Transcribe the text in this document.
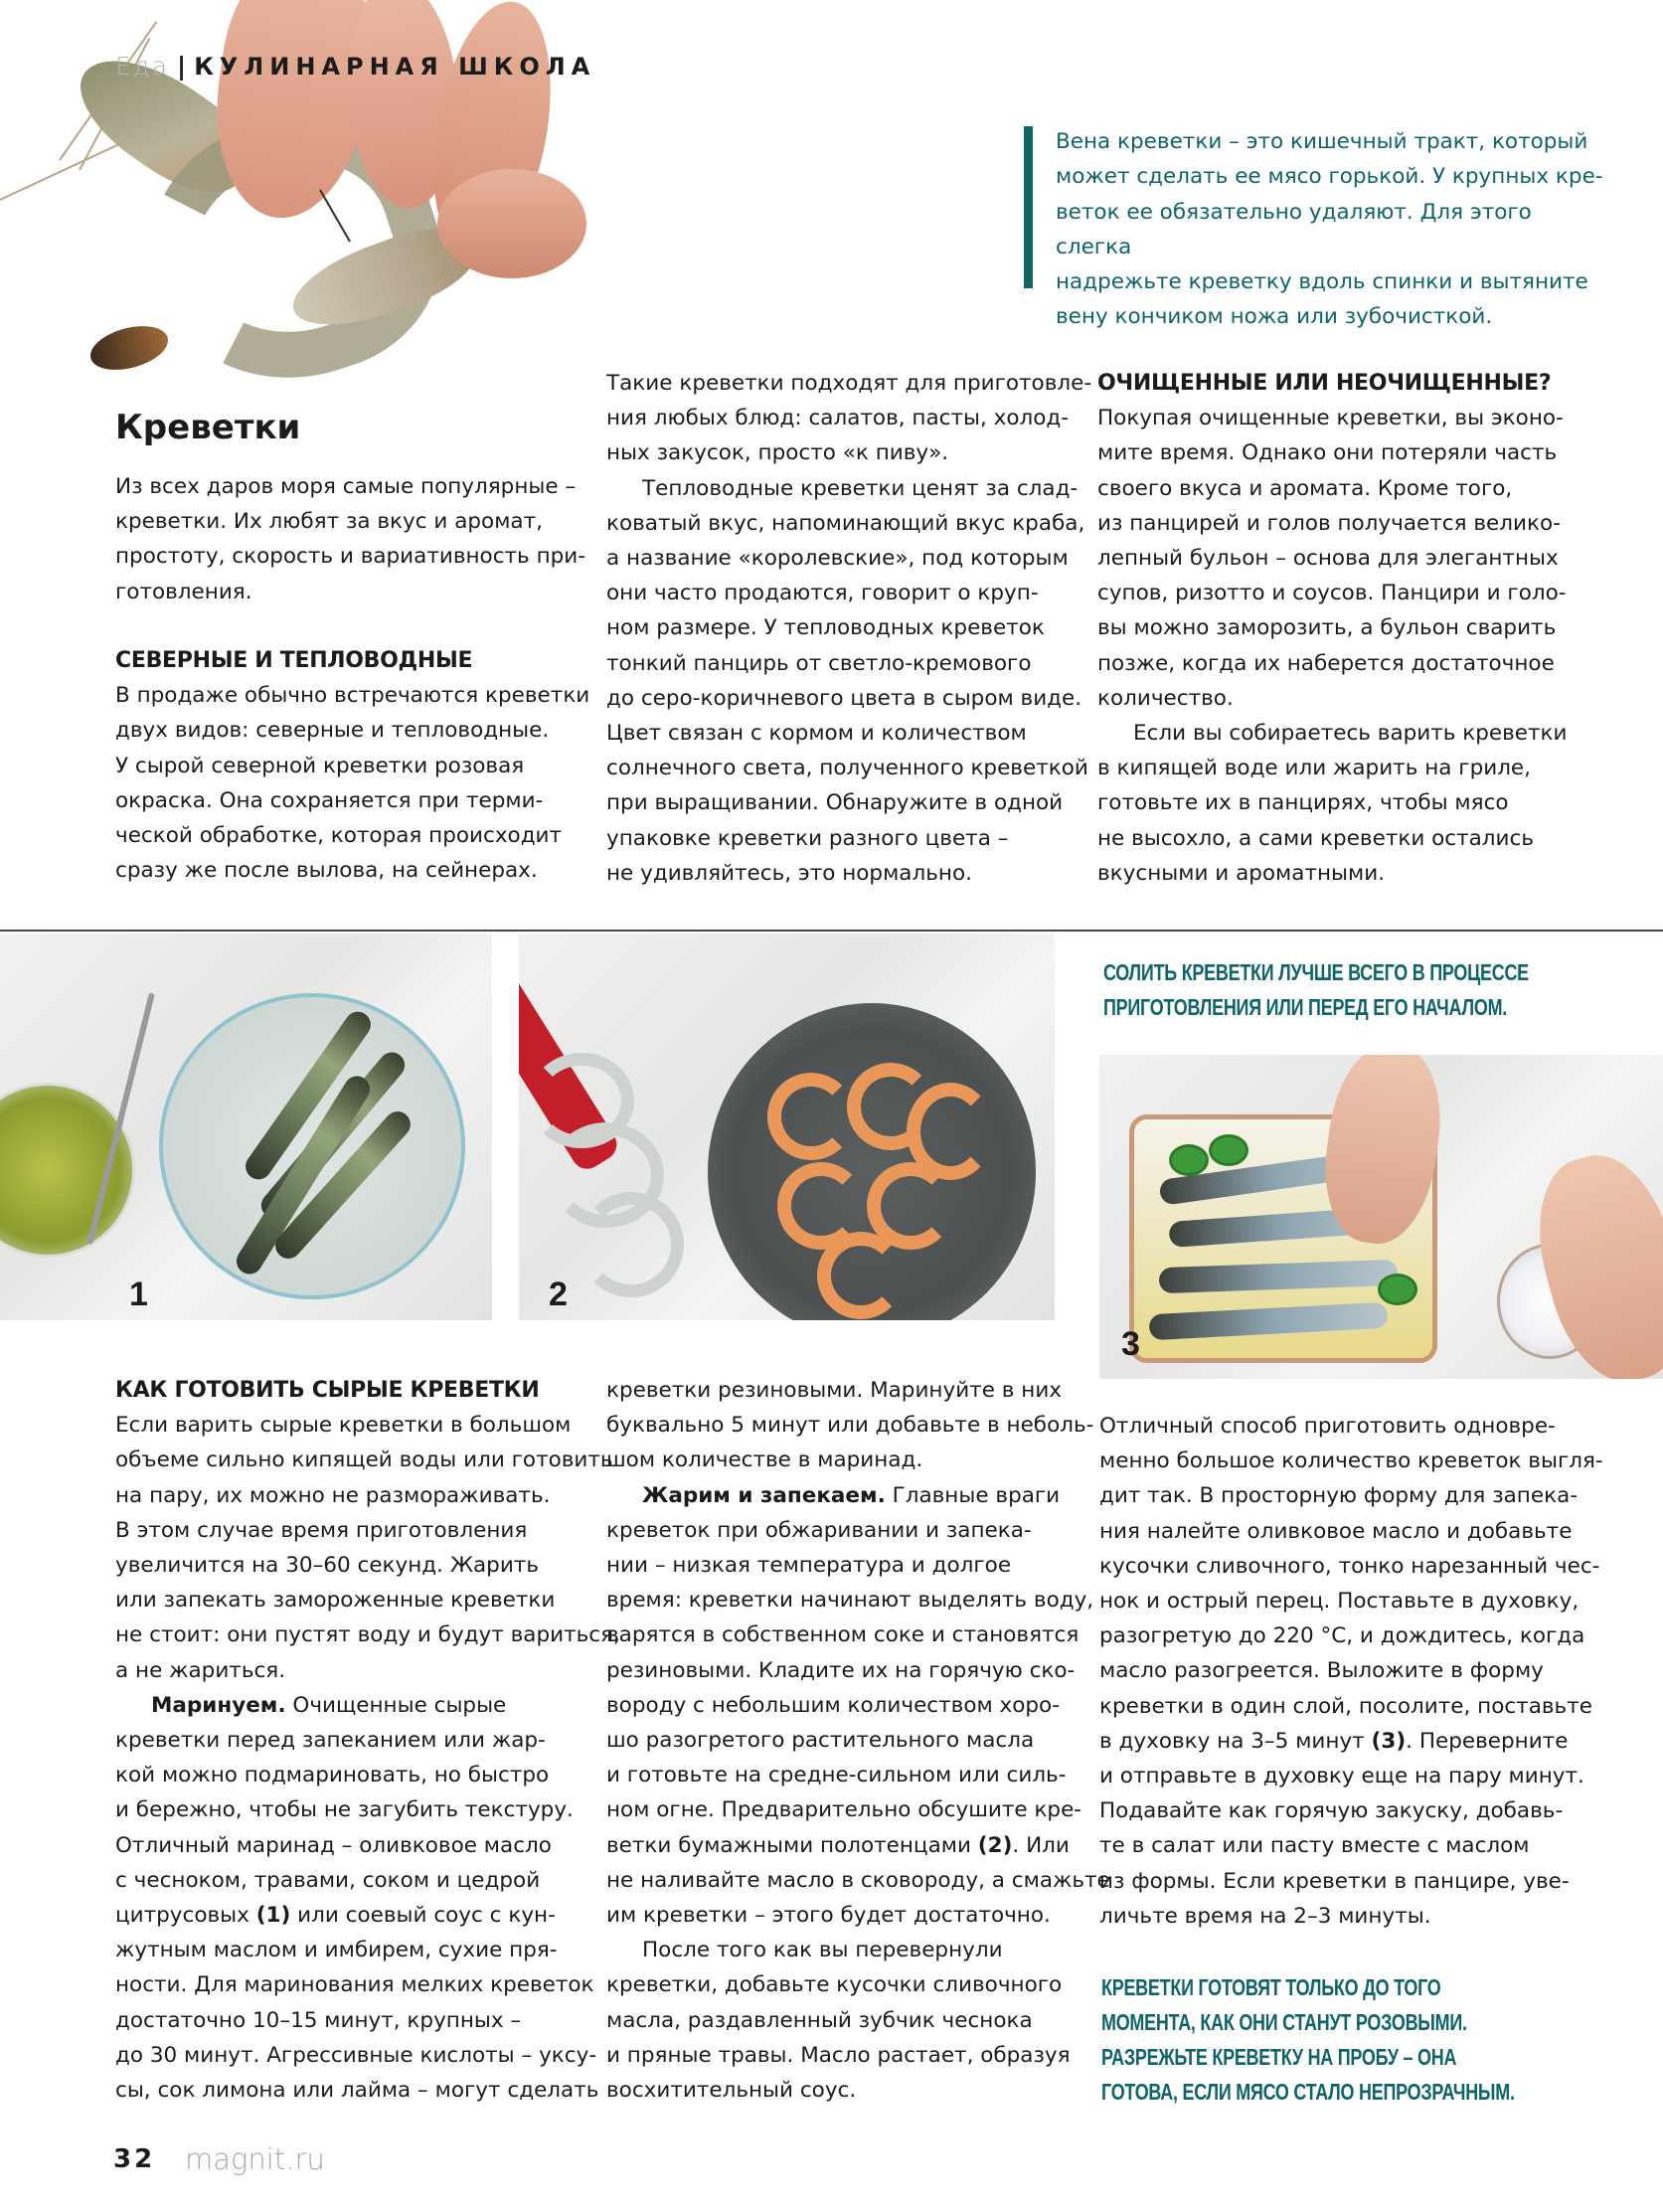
Еда | КУЛИНАРНАЯ ШКОЛА
Вена креветки – это кишечный тракт, который
может сделать ее мясо горькой. У крупных кре-
веток ее обязательно удаляют. Для этого слегка
надрежьте креветку вдоль спинки и вытяните
вену кончиком ножа или зубочисткой.
Креветки
Из всех даров моря самые популярные –
креветки. Их любят за вкус и аромат,
простоту, скорость и вариативность при-
готовления.
СЕВЕРНЫЕ И ТЕПЛОВОДНЫЕ
В продаже обычно встречаются креветки
двух видов: северные и тепловодные.
У сырой северной креветки розовая
окраска. Она сохраняется при терми-
ческой обработке, которая происходит
сразу же после вылова, на сейнерах.
Такие креветки подходят для приготовле-
ния любых блюд: салатов, пасты, холод-
ных закусок, просто «к пиву».
Тепловодные креветки ценят за слад-
коватый вкус, напоминающий вкус краба,
а название «королевские», под которым
они часто продаются, говорит о круп-
ном размере. У тепловодных креветок
тонкий панцирь от светло-кремового
до серо-коричневого цвета в сыром виде.
Цвет связан с кормом и количеством
солнечного света, полученного креветкой
при выращивании. Обнаружите в одной
упаковке креветки разного цвета –
не удивляйтесь, это нормально.
ОЧИЩЕННЫЕ ИЛИ НЕОЧИЩЕННЫЕ?
Покупая очищенные креветки, вы эконо-
мите время. Однако они потеряли часть
своего вкуса и аромата. Кроме того,
из панцирей и голов получается велико-
лепный бульон – основа для элегантных
супов, ризотто и соусов. Панцири и голо-
вы можно заморозить, а бульон сварить
позже, когда их наберется достаточное
количество.
Если вы собираетесь варить креветки
в кипящей воде или жарить на гриле,
готовьте их в панцирях, чтобы мясо
не высохло, а сами креветки остались
вкусными и ароматными.
1	2
СОЛИТЬ КРЕВЕТКИ ЛУЧШЕ ВСЕГО В ПРОЦЕССЕ
ПРИГОТОВЛЕНИЯ ИЛИ ПЕРЕД ЕГО НАЧАЛОМ.
3
КАК ГОТОВИТЬ СЫРЫЕ КРЕВЕТКИ
Если варить сырые креветки в большом
объеме сильно кипящей воды или готовить
на пару, их можно не размораживать.
В этом случае время приготовления
увеличится на 30–60 секунд. Жарить
или запекать замороженные креветки
не стоит: они пустят воду и будут вариться,
а не жариться.
Маринуем. Очищенные сырые
креветки перед запеканием или жар-
кой можно подмариновать, но быстро
и бережно, чтобы не загубить текстуру.
Отличный маринад – оливковое масло
с чесноком, травами, соком и цедрой
цитрусовых (1) или соевый соус с кун-
жутным маслом и имбирем, сухие пря-
ности. Для маринования мелких креветок
достаточно 10–15 минут, крупных –
до 30 минут. Агрессивные кислоты – уксу-
сы, сок лимона или лайма – могут сделать
креветки резиновыми. Маринуйте в них
буквально 5 минут или добавьте в неболь-
шом количестве в маринад.
Жарим и запекаем. Главные враги
креветок при обжаривании и запека-
нии – низкая температура и долгое
время: креветки начинают выделять воду,
варятся в собственном соке и становятся
резиновыми. Кладите их на горячую ско-
вороду с небольшим количеством хоро-
шо разогретого растительного масла
и готовьте на средне-сильном или силь-
ном огне. Предварительно обсушите кре-
ветки бумажными полотенцами (2). Или
не наливайте масло в сковороду, а смажьте
им креветки – этого будет достаточно.
После того как вы перевернули
креветки, добавьте кусочки сливочного
масла, раздавленный зубчик чеснока
и пряные травы. Масло растает, образуя
восхитительный соус.
Отличный способ приготовить одновре-
менно большое количество креветок выгля-
дит так. В просторную форму для запека-
ния налейте оливковое масло и добавьте
кусочки сливочного, тонко нарезанный чес-
нок и острый перец. Поставьте в духовку,
разогретую до 220 °C, и дождитесь, когда
масло разогреется. Выложите в форму
креветки в один слой, посолите, поставьте
в духовку на 3–5 минут (3). Переверните
и отправьте в духовку еще на пару минут.
Подавайте как горячую закуску, добавь-
те в салат или пасту вместе с маслом
из формы. Если креветки в панцире, уве-
личьте время на 2–3 минуты.
КРЕВЕТКИ ГОТОВЯТ ТОЛЬКО ДО ТОГО
МОМЕНТА, КАК ОНИ СТАНУТ РОЗОВЫМИ.
РАЗРЕЖЬТЕ КРЕВЕТКУ НА ПРОБУ – ОНА
ГОТОВА, ЕСЛИ МЯСО СТАЛО НЕПРОЗРАЧНЫМ.
32 magnit.ru
